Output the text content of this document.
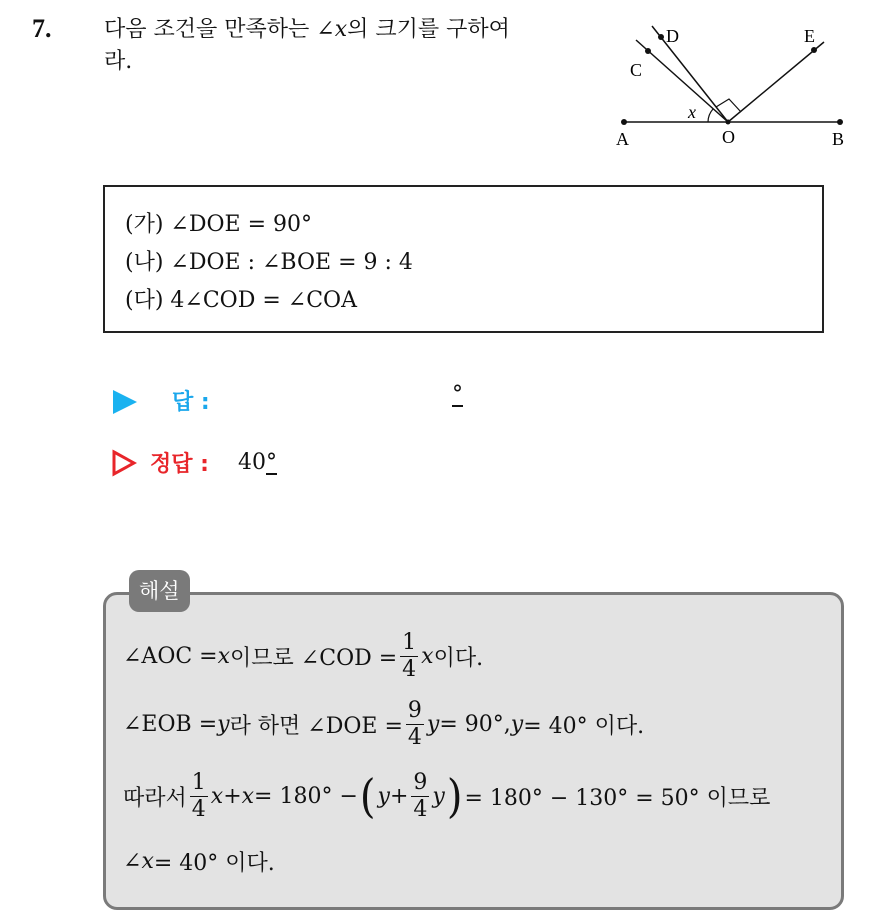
7. 다음 조건을 만족하는 ∠x의 크기를 구하여
라.
A	O	B
C
D	E
x
(가) ∠DOE = 90°
(나) ∠DOE : ∠BOE = 9 : 4
(다) 4∠COD = ∠COA
답 :	°
정답 : 40°
해설
∠AOC = x 이므로 ∠COD = $\frac{1}{4}$ x 이다.
∠EOB = y 라 하면 ∠DOE = $\frac{9}{4}$ y = 90°, y = 40° 이다.
따라서 $\frac{1}{4}$ x + x = 180° − ( $y + \frac{9}{4}$ y ) = 180° − 130° = 50° 이므로
∠ x = 40° 이다.
